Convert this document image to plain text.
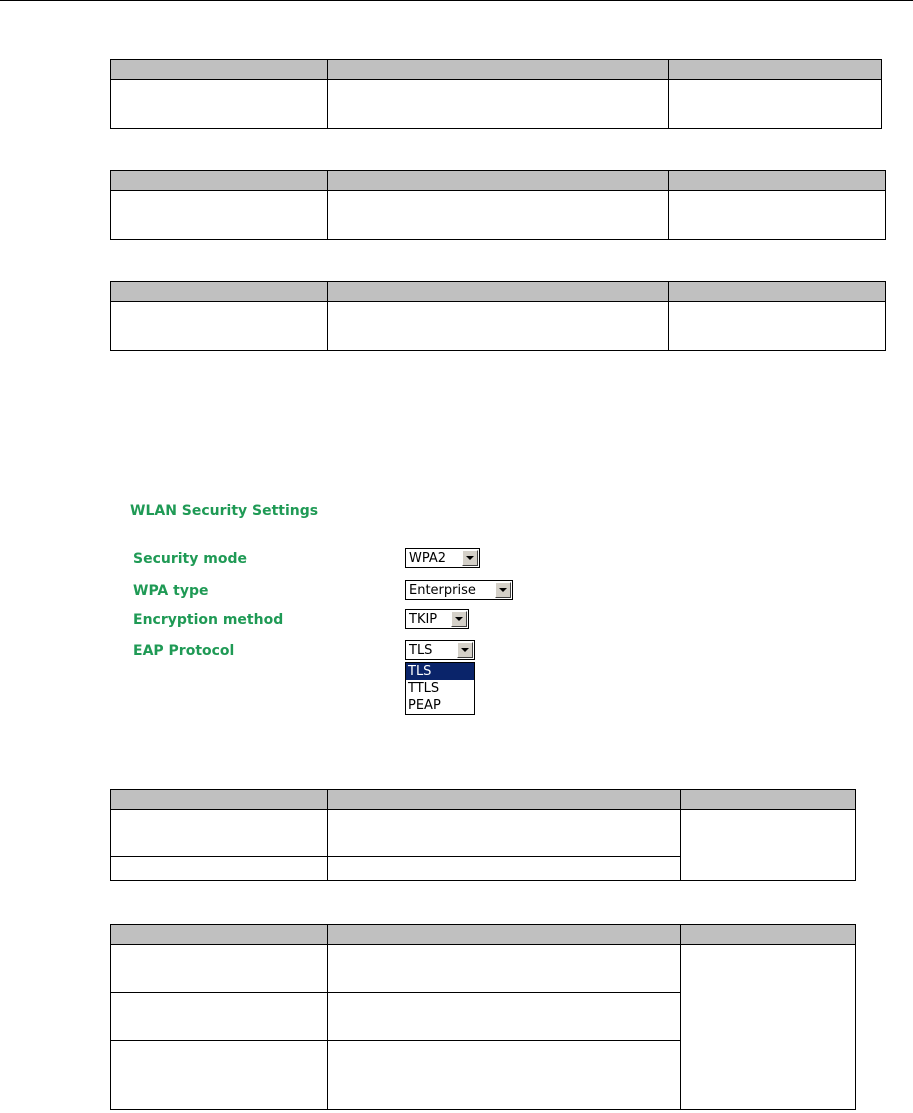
WLAN Security Settings
Security mode	WPA2
WPA type	Enterprise
Encryption method	TKIP
EAP Protocol	TLS
TLS
TTLS
PEAP
